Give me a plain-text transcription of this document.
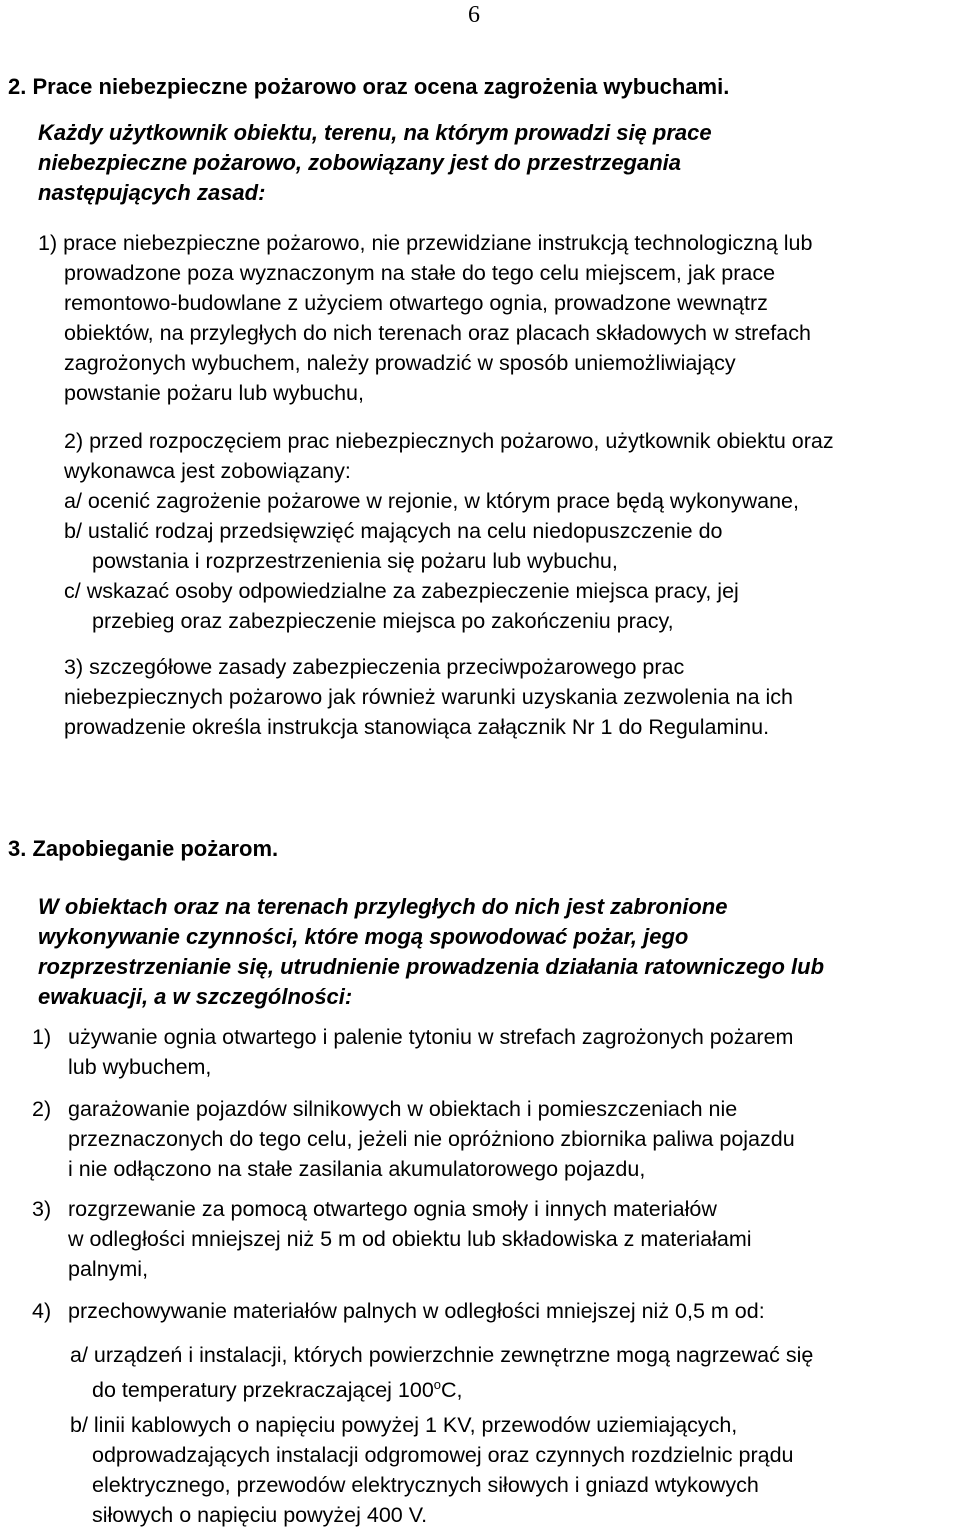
6
2. Prace niebezpieczne pożarowo oraz ocena zagrożenia wybuchami.
Każdy użytkownik obiektu, terenu, na którym prowadzi się prace
niebezpieczne pożarowo, zobowiązany jest do przestrzegania
następujących zasad:
1) prace niebezpieczne pożarowo, nie przewidziane instrukcją technologiczną lub
prowadzone poza wyznaczonym na stałe do tego celu miejscem, jak prace
remontowo-budowlane z użyciem otwartego ognia, prowadzone wewnątrz
obiektów, na przyległych do nich terenach oraz placach składowych w strefach
zagrożonych wybuchem, należy prowadzić w sposób uniemożliwiający
powstanie pożaru lub wybuchu,
2) przed rozpoczęciem prac niebezpiecznych pożarowo, użytkownik obiektu oraz
wykonawca jest zobowiązany:
a/ ocenić zagrożenie pożarowe w rejonie, w którym prace będą wykonywane,
b/ ustalić rodzaj przedsięwzięć mających na celu niedopuszczenie do
powstania i rozprzestrzenienia się pożaru lub wybuchu,
c/ wskazać osoby odpowiedzialne za zabezpieczenie miejsca pracy, jej
przebieg oraz zabezpieczenie miejsca po zakończeniu pracy,
3) szczegółowe zasady zabezpieczenia przeciwpożarowego prac
niebezpiecznych pożarowo jak również warunki uzyskania zezwolenia na ich
prowadzenie określa instrukcja stanowiąca załącznik Nr 1 do Regulaminu.
3. Zapobieganie pożarom.
W obiektach oraz na terenach przyległych do nich jest zabronione
wykonywanie czynności, które mogą spowodować pożar, jego
rozprzestrzenianie się, utrudnienie prowadzenia działania ratowniczego lub
ewakuacji, a w szczególności:
1) używanie ognia otwartego i palenie tytoniu w strefach zagrożonych pożarem
lub wybuchem,
2) garażowanie pojazdów silnikowych w obiektach i pomieszczeniach nie
przeznaczonych do tego celu, jeżeli nie opróżniono zbiornika paliwa pojazdu
i nie odłączono na stałe zasilania akumulatorowego pojazdu,
3) rozgrzewanie za pomocą otwartego ognia smoły i innych materiałów
w odległości mniejszej niż 5 m od obiektu lub składowiska z materiałami
palnymi,
4) przechowywanie materiałów palnych w odległości mniejszej niż 0,5 m od:
a/ urządzeń i instalacji, których powierzchnie zewnętrzne mogą nagrzewać się
do temperatury przekraczającej 100$^o$C,
b/ linii kablowych o napięciu powyżej 1 KV, przewodów uziemiających,
odprowadzających instalacji odgromowej oraz czynnych rozdzielnic prądu
elektrycznego, przewodów elektrycznych siłowych i gniazd wtykowych
siłowych o napięciu powyżej 400 V.
